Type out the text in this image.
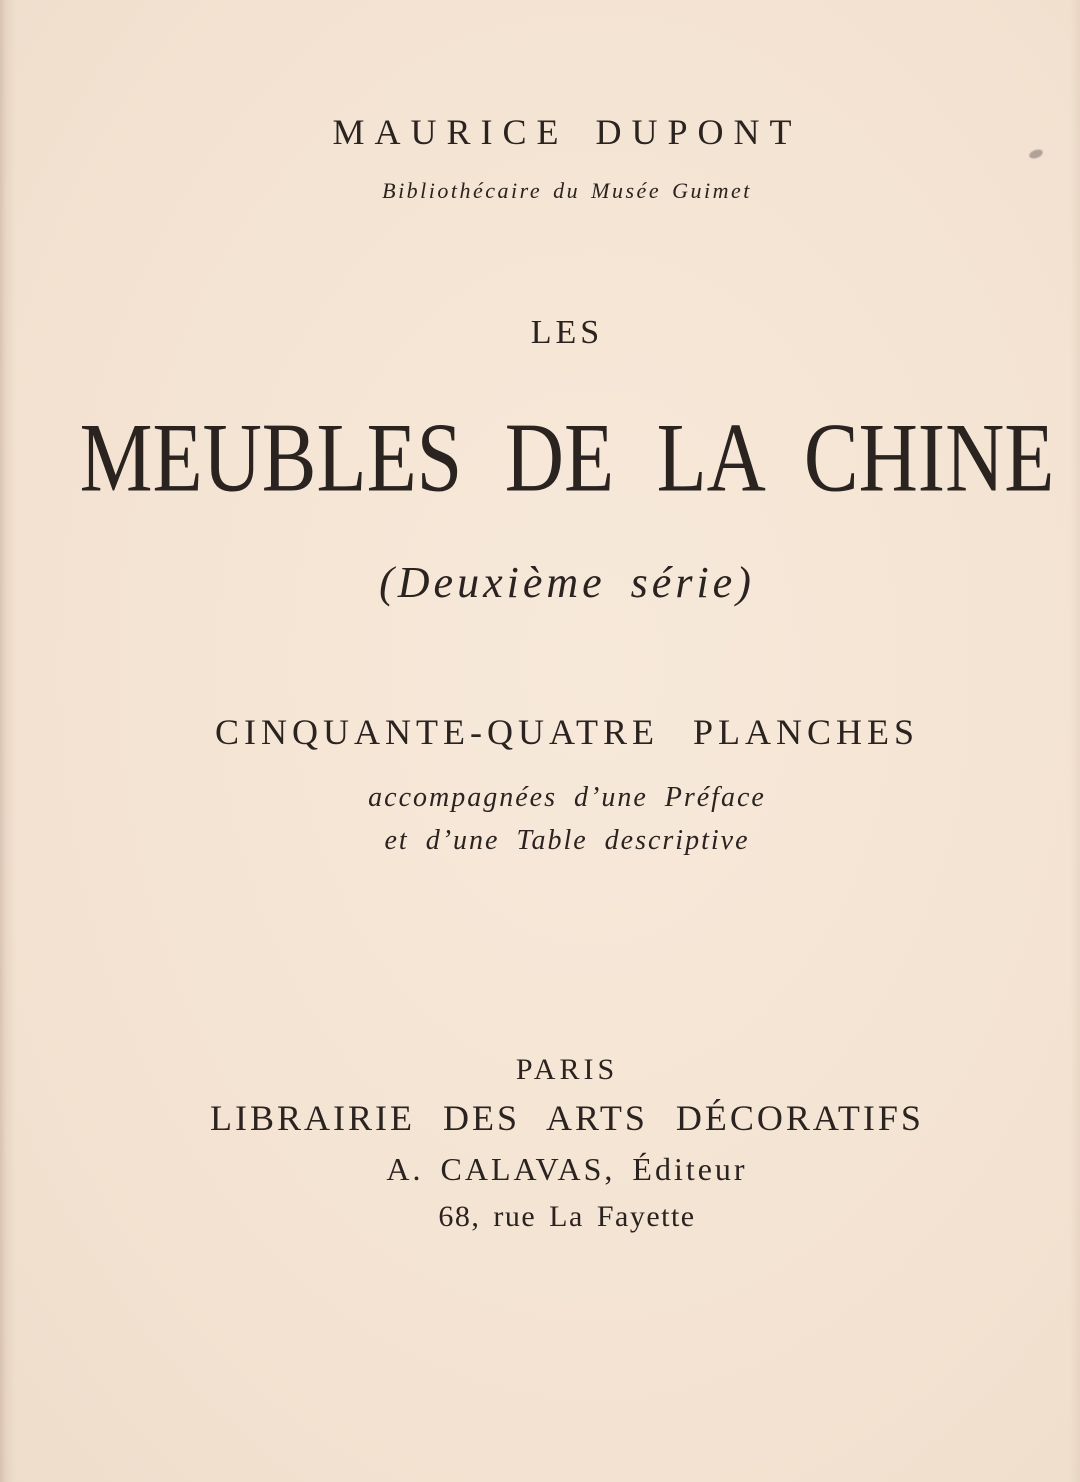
MAURICE DUPONT
Bibliothécaire du Musée Guimet
LES
MEUBLES DE LA CHINE
(Deuxième série)
CINQUANTE-QUATRE PLANCHES
accompagnées d’une Préface
et d’une Table descriptive
PARIS
LIBRAIRIE DES ARTS DÉCORATIFS
A. CALAVAS, Éditeur
68, rue La Fayette
